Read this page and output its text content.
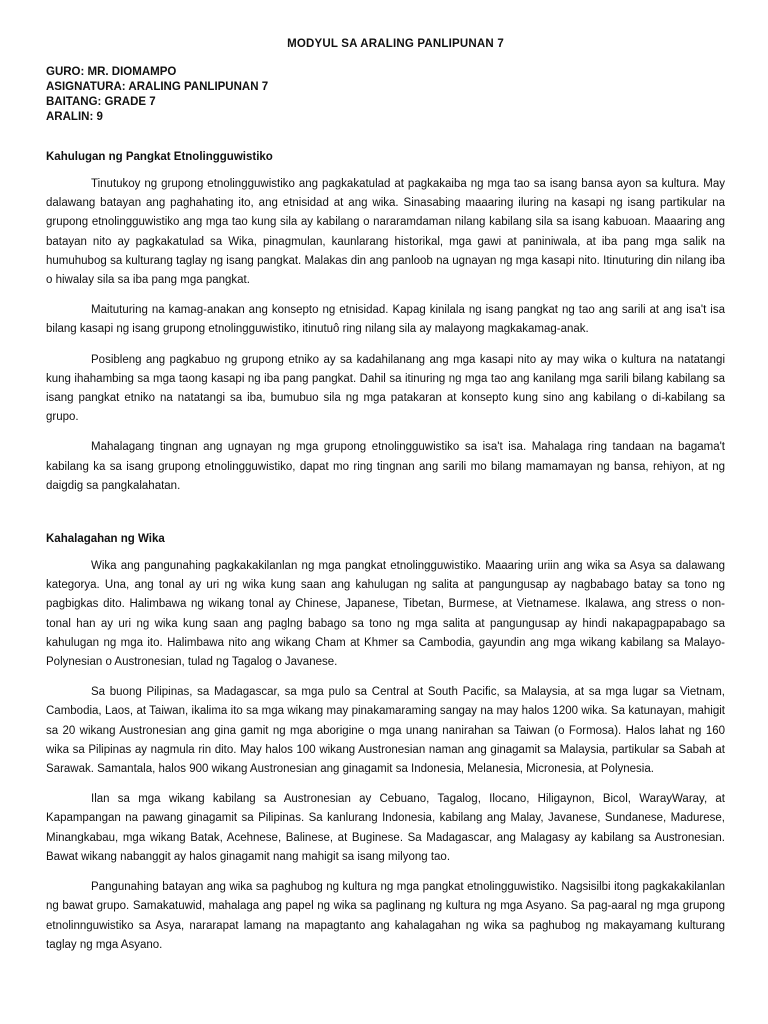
MODYUL SA ARALING PANLIPUNAN 7
GURO: MR. DIOMAMPO
ASIGNATURA: ARALING PANLIPUNAN 7
BAITANG: GRADE 7
ARALIN: 9
Kahulugan ng Pangkat Etnolingguwistiko

Tinutukoy ng grupong etnolingguwistiko ang pagkakatulad at pagkakaiba ng mga tao sa isang bansa ayon sa kultura. May dalawang batayan ang paghahating ito, ang etnisidad at ang wika. Sinasabing maaaring iluring na kasapi ng isang partikular na grupong etnolingguwistiko ang mga tao kung sila ay kabilang o nararamdaman nilang kabilang sila sa isang kabuoan. Maaaring ang batayan nito ay pagkakatulad sa Wika, pinagmulan, kaunlarang historikal, mga gawi at paniniwala, at iba pang mga salik na humuhubog sa kulturang taglay ng isang pangkat. Malakas din ang panloob na ugnayan ng mga kasapi nito. Itinuturing din nilang iba o hiwalay sila sa iba pang mga pangkat.

Maituturing na kamag-anakan ang konsepto ng etnisidad. Kapag kinilala ng isang pangkat ng tao ang sarili at ang isa't isa bilang kasapi ng isang grupong etnolingguwistiko, itinutuô ring nilang sila ay malayong magkakamag-anak.

Posibleng ang pagkabuo ng grupong etniko ay sa kadahilanang ang mga kasapi nito ay may wika o kultura na natatangi kung ihahambing sa mga taong kasapi ng iba pang pangkat. Dahil sa itinuring ng mga tao ang kanilang mga sarili bilang kabilang sa isang pangkat etniko na natatangi sa iba, bumubuo sila ng mga patakaran at konsepto kung sino ang kabilang o di-kabilang sa grupo.

Mahalagang tingnan ang ugnayan ng mga grupong etnolingguwistiko sa isa't isa. Mahalaga ring tandaan na bagama't kabilang ka sa isang grupong etnolingguwistiko, dapat mo ring tingnan ang sarili mo bilang mamamayan ng bansa, rehiyon, at ng daigdig sa pangkalahatan.

Kahalagahan ng Wika

Wika ang pangunahing pagkakakilanlan ng mga pangkat etnolingguwistiko. Maaaring uriin ang wika sa Asya sa dalawang kategorya. Una, ang tonal ay uri ng wika kung saan ang kahulugan ng salita at pangungusap ay nagbabago batay sa tono ng pagbigkas dito. Halimbawa ng wikang tonal ay Chinese, Japanese, Tibetan, Burmese, at Vietnamese. Ikalawa, ang stress o non-tonal han ay uri ng wika kung saan ang paglng babago sa tono ng mga salita at pangungusap ay hindi nakapagpapabago sa kahulugan ng mga ito. Halimbawa nito ang wikang Cham at Khmer sa Cambodia, gayundin ang mga wikang kabilang sa Malayo-Polynesian o Austronesian, tulad ng Tagalog o Javanese.

Sa buong Pilipinas, sa Madagascar, sa mga pulo sa Central at South Pacific, sa Malaysia, at sa mga lugar sa Vietnam, Cambodia, Laos, at Taiwan, ikalima ito sa mga wikang may pinakamaraming sangay na may halos 1200 wika. Sa katunayan, mahigit sa 20 wikang Austronesian ang gina gamit ng mga aborigine o mga unang nanirahan sa Taiwan (o Formosa). Halos lahat ng 160 wika sa Pilipinas ay nagmula rin dito. May halos 100 wikang Austronesian naman ang ginagamit sa Malaysia, partikular sa Sabah at Sarawak. Samantala, halos 900 wikang Austronesian ang ginagamit sa Indonesia, Melanesia, Micronesia, at Polynesia.

Ilan sa mga wikang kabilang sa Austronesian ay Cebuano, Tagalog, Ilocano, Hiligaynon, Bicol, WarayWaray, at Kapampangan na pawang ginagamit sa Pilipinas. Sa kanlurang Indonesia, kabilang ang Malay, Javanese, Sundanese, Madurese, Minangkabau, mga wikang Batak, Acehnese, Balinese, at Buginese. Sa Madagascar, ang Malagasy ay kabilang sa Austronesian. Bawat wikang nabanggit ay halos ginagamit nang mahigit sa isang milyong tao.

Pangunahing batayan ang wika sa paghubog ng kultura ng mga pangkat etnolingguwistiko. Nagsisilbi itong pagkakakilanlan ng bawat grupo. Samakatuwid, mahalaga ang papel ng wika sa paglinang ng kultura ng mga Asyano. Sa pag-aaral ng mga grupong etnolinnguwistiko sa Asya, nararapat lamang na mapagtanto ang kahalagahan ng wika sa paghubog ng makayamang kulturang taglay ng mga Asyano.
